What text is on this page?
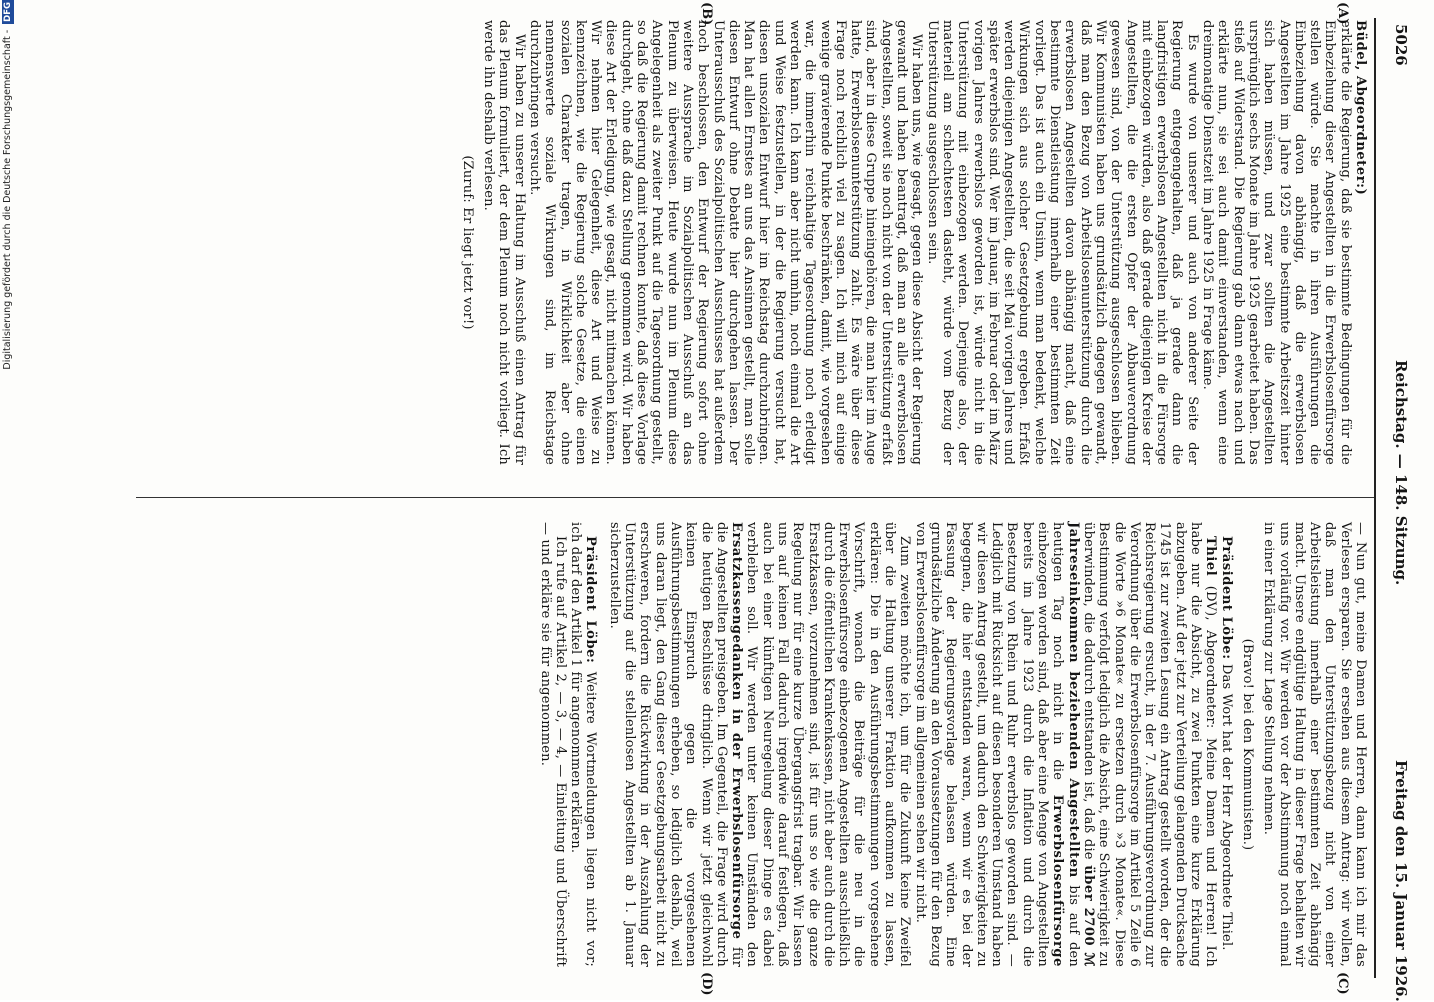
5026
Reichstag. — 148. Sitzung.
Freitag den 15. Januar 1926.
(A)
(B)
(C)
(D)

Büdel, Abgeordneter:)

erklärte die Regierung, daß sie bestimmte Bedingungen für die Einbeziehung dieser Angestellten in die Erwerbslosenfürsorge stellen würde. Sie machte in ihren Ausführungen die Einbeziehung davon abhängig, daß die erwerbslosen Angestellten im Jahre 1925 eine bestimmte Arbeitszeit hinter sich haben müssen, und zwar sollten die Angestellten ursprünglich sechs Monate im Jahre 1925 gearbeitet haben. Das stieß auf Widerstand. Die Regierung gab dann etwas nach und erklärte nun, sie sei auch damit einverstanden, wenn eine dreimonatige Dienstzeit im Jahre 1925 in Frage käme.

Es wurde von unserer und auch von anderer Seite der Regierung entgegengehalten, daß ja gerade dann die langfristigen erwerbslosen Angestellten nicht in die Fürsorge mit einbezogen würden, also daß gerade diejenigen Kreise der Angestellten, die die ersten Opfer der Abbauverordnung gewesen sind, von der Unterstützung ausgeschlossen blieben. Wir Kommunisten haben uns grundsätzlich dagegen gewandt, daß man den Bezug von Arbeitslosenunterstützung durch die erwerbslosen Angestellten davon abhängig macht, daß eine bestimmte Dienstleistung innerhalb einer bestimmten Zeit vorliegt. Das ist auch ein Unsinn, wenn man bedenkt, welche Wirkungen sich aus solcher Gesetzgebung ergeben. Erfaßt werden diejenigen Angestellten, die seit Mai vorigen Jahres und später erwerbslos sind. Wer im Januar, im Februar oder im März vorigen Jahres erwerbslos geworden ist, würde nicht in die Unterstützung mit einbezogen werden. Derjenige also, der materiell am schlechtesten dasteht, würde vom Bezug der Unterstützung ausgeschlossen sein.

Wir haben uns, wie gesagt, gegen diese Absicht der Regierung gewandt und haben beantragt, daß man an alle erwerbslosen Angestellten, soweit sie noch nicht von der Unterstützung erfaßt sind, aber in diese Gruppe hineingehören, die man hier im Auge hatte, Erwerbslosenunterstützung zahlt. Es wäre über diese Frage noch reichlich viel zu sagen. Ich will mich auf einige wenige gravierende Punkte beschränken, damit, wie vorgesehen war, die immerhin reichhaltige Tagesordnung noch erledigt werden kann. Ich kann aber nicht umhin, noch einmal die Art und Weise festzustellen, in der die Regierung versucht hat, diesen unsozialen Entwurf hier im Reichstag durchzubringen. Man hat allen Ernstes an uns das Ansinnen gestellt, man solle diesen Entwurf ohne Debatte hier durchgehen lassen. Der Unterausschuß des Sozialpolitischen Ausschusses hat außerdem noch beschlossen, den Entwurf der Regierung sofort ohne weitere Aussprache im Sozialpolitischen Ausschuß an das Plenum zu überweisen. Heute wurde nun im Plenum diese Angelegenheit als zweiter Punkt auf die Tagesordnung gestellt, so daß die Regierung damit rechnen konnte, daß diese Vorlage durchgeht, ohne daß dazu Stellung genommen wird. Wir haben diese Art der Erledigung, wie gesagt, nicht mitmachen können. Wir nehmen hier Gelegenheit, diese Art und Weise zu kennzeichnen, wie die Regierung solche Gesetze, die einen sozialen Charakter tragen, in Wirklichkeit aber ohne nennenswerte soziale Wirkungen sind, im Reichstage durchzubringen versucht.

Wir haben zu unserer Haltung im Ausschuß einen Antrag für das Plenum formuliert, der dem Plenum noch nicht vorliegt. Ich werde ihn deshalb verlesen.

(Zuruf: Er liegt jetzt vor!)

— Nun gut, meine Damen und Herren, dann kann ich mir das Verlesen ersparen. Sie ersehen aus diesem Antrag: wir wollen, daß man den Unterstützungsbezug nicht von einer Arbeitsleistung innerhalb einer bestimmten Zeit abhängig macht. Unsere endgültige Haltung in dieser Frage behalten wir uns vorläufig vor. Wir werden vor der Abstimmung noch einmal in einer Erklärung zur Lage Stellung nehmen.

(Bravo! bei den Kommunisten.)

Präsident Löbe: Das Wort hat der Herr Abgeordnete Thiel.

Thiel (DV), Abgeordneter: Meine Damen und Herren! Ich habe nur die Absicht, zu zwei Punkten eine kurze Erklärung abzugeben. Auf der jetzt zur Verteilung gelangenden Drucksache 1745 ist zur zweiten Lesung ein Antrag gestellt worden, der die Reichsregierung ersucht, in der 7. Ausführungsverordnung zur Verordnung über die Erwerbslosenfürsorge im Artikel 5 Zeile 6 die Worte »6 Monate« zu ersetzen durch »3 Monate«. Diese Bestimmung verfolgt lediglich die Absicht, eine Schwierigkeit zu überwinden, die dadurch entstanden ist, daß die über 2700 ℳ Jahreseinkommen beziehenden Angestellten bis auf den heutigen Tag noch nicht in die Erwerbslosenfürsorge einbezogen worden sind, daß aber eine Menge von Angestellten bereits im Jahre 1923 durch die Inflation und durch die Besetzung von Rhein und Ruhr erwerbslos geworden sind. — Lediglich mit Rücksicht auf diesen besonderen Umstand haben wir diesen Antrag gestellt, um dadurch den Schwierigkeiten zu begegnen, die hier entstanden waren, wenn wir es bei der Fassung der Regierungsvorlage belassen würden. Eine grundsätzliche Änderung an den Voraussetzungen für den Bezug von Erwerbslosenfürsorge im allgemeinen sehen wir nicht.

Zum zweiten möchte ich, um für die Zukunft keine Zweifel über die Haltung unserer Fraktion aufkommen zu lassen, erklären: Die in den Ausführungsbestimmungen vorgesehene Vorschrift, wonach die Beiträge für die neu in die Erwerbslosenfürsorge einbezogenen Angestellten ausschließlich durch die öffentlichen Krankenkassen, nicht aber auch durch die Ersatzkassen, vorzunehmen sind, ist für uns so wie die ganze Regelung nur für eine kurze Übergangsfrist tragbar. Wir lassen uns auf keinen Fall dadurch irgendwie darauf festlegen, daß auch bei einer künftigen Neuregelung dieser Dinge es dabei verbleiben soll. Wir werden unter keinen Umständen den Ersatzkassengedanken in der Erwerbslosenfürsorge für die Angestellten preisgeben. Im Gegenteil, die Frage wird durch die heutigen Beschlüsse dringlich. Wenn wir jetzt gleichwohl keinen Einspruch gegen die vorgesehenen Ausführungsbestimmungen erheben, so lediglich deshalb, weil uns daran liegt, den Gang dieser Gesetzgebungsarbeit nicht zu erschweren, fordern die Rückwirkung in der Auszahlung der Unterstützung auf die stellenlosen Angestellten ab 1. Januar sicherzustellen.

Präsident Löbe: Weitere Wortmeldungen liegen nicht vor; ich darf den Artikel 1 für angenommen erklären.

Ich rufe auf Artikel 2, — 3, — 4, — Einleitung und Überschrift — und erkläre sie für angenommen.

Digitalisierung gefördert durch die Deutsche Forschungsgemeinschaft - DFG
